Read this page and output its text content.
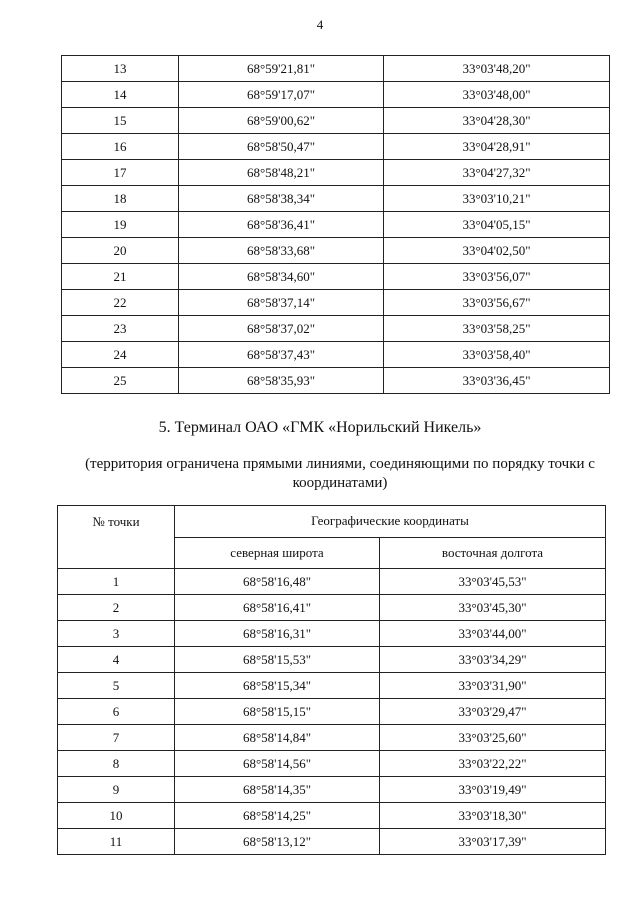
4
13	68°59'21,81"	33°03'48,20"
14	68°59'17,07"	33°03'48,00"
15	68°59'00,62"	33°04'28,30"
16	68°58'50,47"	33°04'28,91"
17	68°58'48,21"	33°04'27,32"
18	68°58'38,34"	33°03'10,21"
19	68°58'36,41"	33°04'05,15"
20	68°58'33,68"	33°04'02,50"
21	68°58'34,60"	33°03'56,07"
22	68°58'37,14"	33°03'56,67"
23	68°58'37,02"	33°03'58,25"
24	68°58'37,43"	33°03'58,40"
25	68°58'35,93"	33°03'36,45"
5. Терминал ОАО «ГМК «Норильский Никель»
(территория ограничена прямыми линиями, соединяющими по порядку точки с координатами)
№ точки	Географические координаты	
	северная широта	восточная долгота
1	68°58'16,48"	33°03'45,53"
2	68°58'16,41"	33°03'45,30"
3	68°58'16,31"	33°03'44,00"
4	68°58'15,53"	33°03'34,29"
5	68°58'15,34"	33°03'31,90"
6	68°58'15,15"	33°03'29,47"
7	68°58'14,84"	33°03'25,60"
8	68°58'14,56"	33°03'22,22"
9	68°58'14,35"	33°03'19,49"
10	68°58'14,25"	33°03'18,30"
11	68°58'13,12"	33°03'17,39"
